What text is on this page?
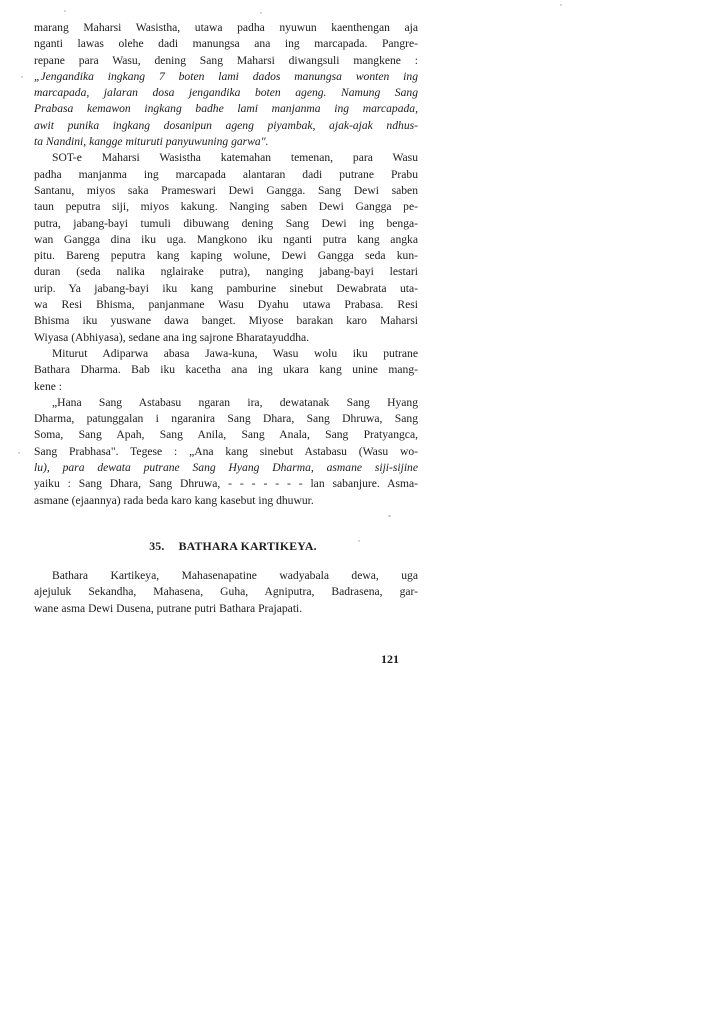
marang Maharsi Wasistha, utawa padha nyuwun kaenthengan aja
nganti lawas olehe dadi manungsa ana ing marcapada. Pangre-
repane para Wasu, dening Sang Maharsi diwangsuli mangkene :
„Jengandika ingkang 7 boten lami dados manungsa wonten ing
marcapada, jalaran dosa jengandika boten ageng. Namung Sang
Prabasa kemawon ingkang badhe lami manjanma ing marcapada,
awit punika ingkang dosanipun ageng piyambak, ajak-ajak ndhus-
ta Nandini, kangge mituruti panyuwuning garwa".
SOT-e Maharsi Wasistha katemahan temenan, para Wasu
padha manjanma ing marcapada alantaran dadi putrane Prabu
Santanu, miyos saka Prameswari Dewi Gangga. Sang Dewi saben
taun peputra siji, miyos kakung. Nanging saben Dewi Gangga pe-
putra, jabang-bayi tumuli dibuwang dening Sang Dewi ing benga-
wan Gangga dina iku uga. Mangkono iku nganti putra kang angka
pitu. Bareng peputra kang kaping wolune, Dewi Gangga seda kun-
duran (seda nalika nglairake putra), nanging jabang-bayi lestari
urip. Ya jabang-bayi iku kang pamburine sinebut Dewabrata uta-
wa Resi Bhisma, panjanmane Wasu Dyahu utawa Prabasa. Resi
Bhisma iku yuswane dawa banget. Miyose barakan karo Maharsi
Wiyasa (Abhiyasa), sedane ana ing sajrone Bharatayuddha.
Miturut Adiparwa abasa Jawa-kuna, Wasu wolu iku putrane
Bathara Dharma. Bab iku kacetha ana ing ukara kang unine mang-
kene :
„Hana Sang Astabasu ngaran ira, dewatanak Sang Hyang
Dharma, patunggalan i ngaranira Sang Dhara, Sang Dhruwa, Sang
Soma, Sang Apah, Sang Anila, Sang Anala, Sang Pratyangca,
Sang Prabhasa". Tegese : „Ana kang sinebut Astabasu (Wasu wo-
lu), para dewata putrane Sang Hyang Dharma, asmane siji-sijine
yaiku : Sang Dhara, Sang Dhruwa, - - - - - - - lan sabanjure. Asma-
asmane (ejaannya) rada beda karo kang kasebut ing dhuwur.
35. BATHARA KARTIKEYA.
Bathara Kartikeya, Mahasenapatine wadyabala dewa, uga
ajejuluk Sekandha, Mahasena, Guha, Agniputra, Badrasena, gar-
wane asma Dewi Dusena, putrane putri Bathara Prajapati.
121
